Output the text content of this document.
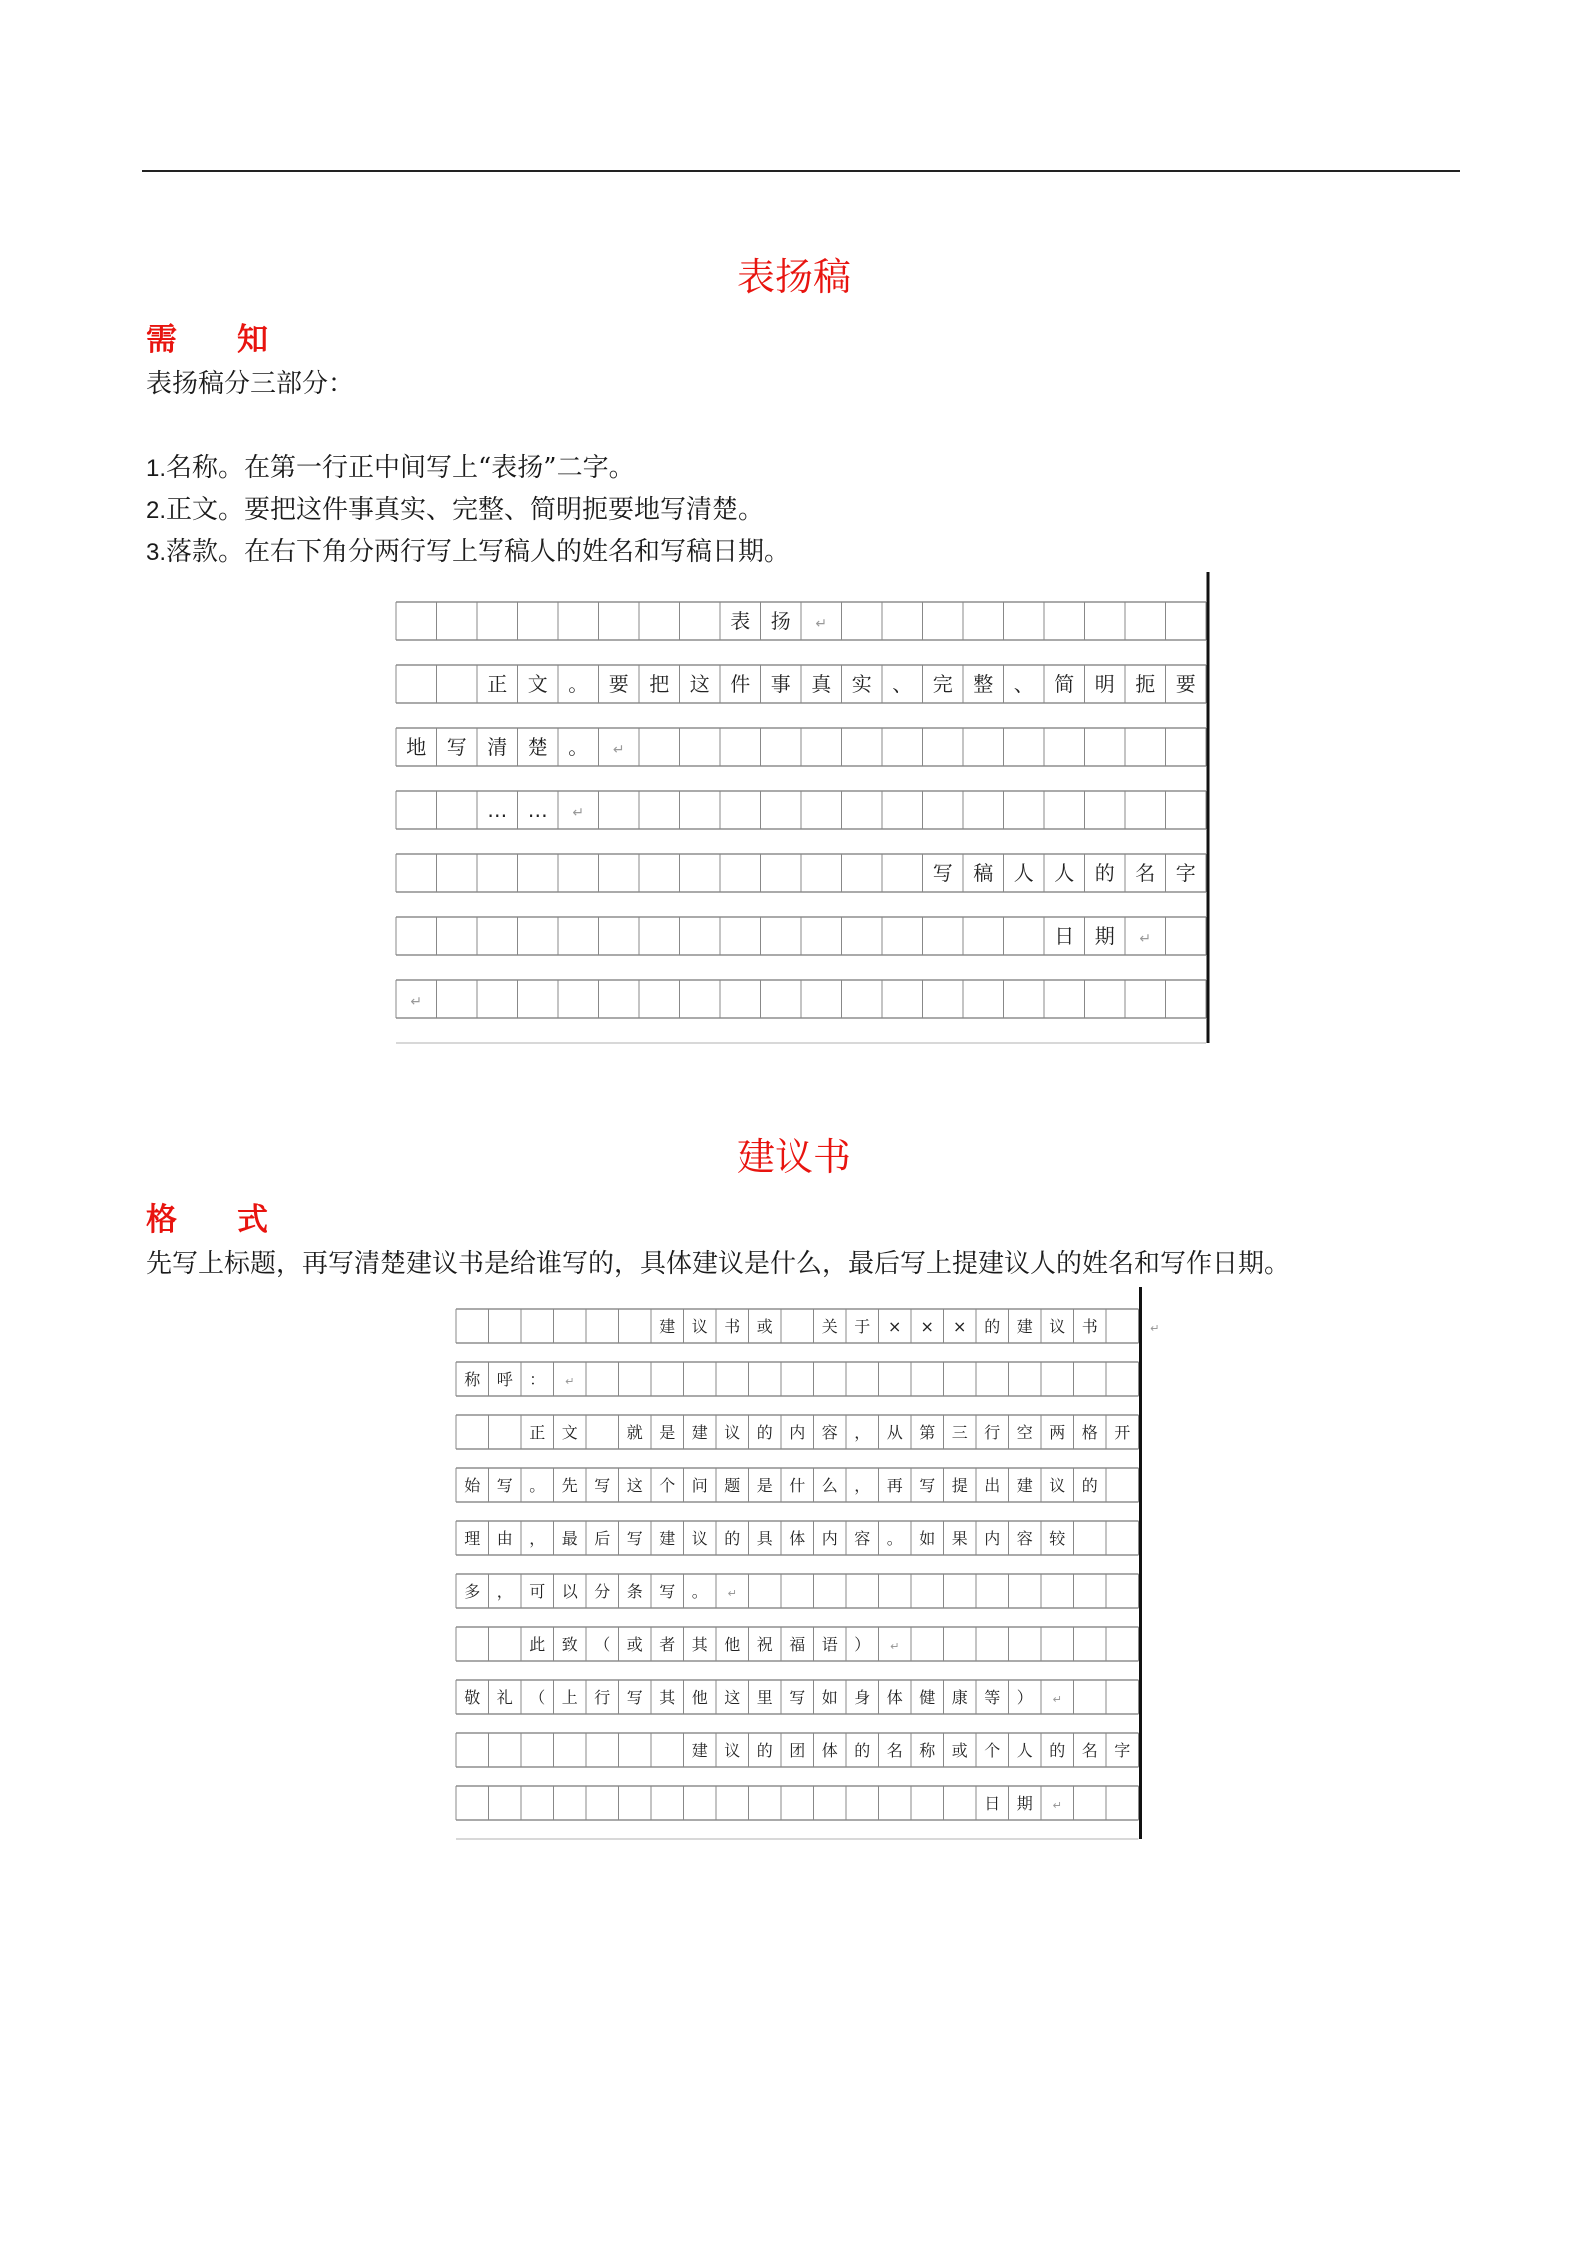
表扬稿
需 知
表扬稿分三部分：
1.名称。在第一行正中间写上“表扬”二字。
2.正文。要把这件事真实、完整、简明扼要地写清楚。
3.落款。在右下角分两行写上写稿人的姓名和写稿日期。
表 扬 ↵
正 文 。 要 把 这 件 事 真 实 、 完 整 、 简 明 扼 要
地 写 清 楚 。 ↵
… … ↵
写 稿 人 人 的 名 字
日 期 ↵
↵
建议书
格 式
先写上标题，再写清楚建议书是给谁写的，具体建议是什么，最后写上提建议人的姓名和写作日期。
建 议 书 或	关 于 × × × 的 建 议 书	↵
称 呼 ： ↵
正 文	就 是 建 议 的 内 容 ， 从 第 三 行 空 两 格 开
始 写 。 先 写 这 个 问 题 是 什 么 ， 再 写 提 出 建 议 的
理 由 ， 最 后 写 建 议 的 具 体 内 容 。 如 果 内 容 较
多 ， 可 以 分 条 写 。 ↵
此 致 （ 或 者 其 他 祝 福 语 ） ↵
敬 礼 （ 上 行 写 其 他 这 里 写 如 身 体 健 康 等 ） ↵
建 议 的 团 体 的 名 称 或 个 人 的 名 字
日 期 ↵
